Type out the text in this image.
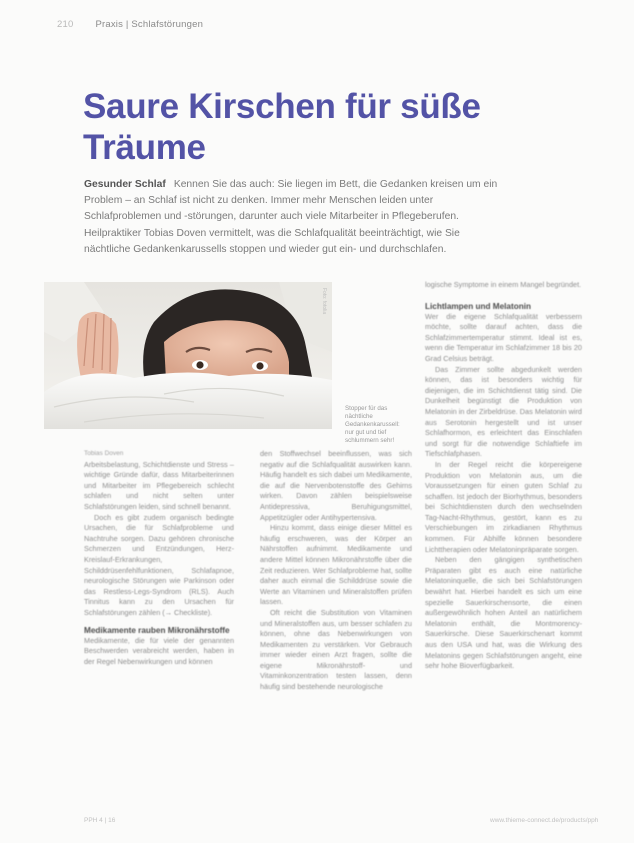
210 Praxis | Schlafstörungen
Saure Kirschen für süße Träume

Gesunder Schlaf Kennen Sie das auch: Sie liegen im Bett, die Gedanken kreisen um ein Problem – an Schlaf ist nicht zu denken. Immer mehr Menschen leiden unter Schlafproblemen und -störungen, darunter auch viele Mitarbeiter in Pflegeberufen. Heilpraktiker Tobias Doven vermittelt, was die Schlafqualität beeinträchtigt, wie Sie nächtliche Gedankenkarussells stoppen und wieder gut ein- und durchschlafen.

Foto: fotolia
Stopper für das nächtliche Gedankenkarussell: nur gut und tief schlummern sehr!

Tobias Doven

Arbeitsbelastung, Schichtdienste und Stress – wichtige Gründe dafür, dass Mitarbeiterinnen und Mitarbeiter im Pflegebereich schlecht schlafen und nicht selten unter Schlafstörungen leiden, sind schnell benannt.

Doch es gibt zudem organisch bedingte Ursachen, die für Schlafprobleme und Nachtruhe sorgen. Dazu gehören chronische Schmerzen und Entzündungen, Herz-Kreislauf-Erkrankungen, Schilddrüsenfehlfunktionen, Schlafapnoe, neurologische Störungen wie Parkinson oder das Restless-Legs-Syndrom (RLS). Auch Tinnitus kann zu den Ursachen für Schlafstörungen zählen (→ Checkliste).

Medikamente rauben Mikronährstoffe

Medikamente, die für viele der genannten Beschwerden verabreicht werden, haben in der Regel Nebenwirkungen und können

den Stoffwechsel beeinflussen, was sich negativ auf die Schlafqualität auswirken kann. Häufig handelt es sich dabei um Medikamente, die auf die Nervenbotenstoffe des Gehirns wirken. Davon zählen beispielsweise Antidepressiva, Beruhigungsmittel, Appetitzügler oder Antihypertensiva.

Hinzu kommt, dass einige dieser Mittel es häufig erschweren, was der Körper an Nährstoffen aufnimmt. Medikamente und andere Mittel können Mikronährstoffe über die Zeit reduzieren. Wer Schlafprobleme hat, sollte daher auch einmal die Schilddrüse sowie die Werte an Vitaminen und Mineralstoffen prüfen lassen.

Oft reicht die Substitution von Vitaminen und Mineralstoffen aus, um besser schlafen zu können, ohne das Nebenwirkungen von Medikamenten zu verstärken. Vor Gebrauch immer wieder einen Arzt fragen, sollte die eigene Mikronährstoff- und Vitaminkonzentration testen lassen, denn häufig sind bestehende neurologische

logische Symptome in einem Mangel begründet.

Lichtlampen und Melatonin

Wer die eigene Schlafqualität verbessern möchte, sollte darauf achten, dass die Schlafzimmertemperatur stimmt. Ideal ist es, wenn die Temperatur im Schlafzimmer 18 bis 20 Grad Celsius beträgt.

Das Zimmer sollte abgedunkelt werden können, das ist besonders wichtig für diejenigen, die im Schichtdienst tätig sind. Die Dunkelheit begünstigt die Produktion von Melatonin in der Zirbeldrüse. Das Melatonin wird aus Serotonin hergestellt und ist unser Schlafhormon, es erleichtert das Einschlafen und sorgt für die notwendige Schlaftiefe im Tiefschlafphasen.

In der Regel reicht die körpereigene Produktion von Melatonin aus, um die Voraussetzungen für einen guten Schlaf zu schaffen. Ist jedoch der Biorhythmus, besonders bei Schichtdiensten durch den wechselnden Tag-Nacht-Rhythmus, gestört, kann es zu Verschiebungen im zirkadianen Rhythmus kommen. Für Abhilfe können besondere Lichttherapien oder Melatoninpräparate sorgen.

Neben den gängigen synthetischen Präparaten gibt es auch eine natürliche Melatoninquelle, die sich bei Schlafstörungen bewährt hat. Hierbei handelt es sich um eine spezielle Sauerkirschensorte, die einen außergewöhnlich hohen Anteil an natürlichem Melatonin enthält, die Montmorency-Sauerkirsche. Diese Sauerkirschenart kommt aus den USA und hat, was die Wirkung des Melatonins gegen Schlafstörungen angeht, eine sehr hohe Bioverfügbarkeit.

PPH 4 | 16	www.thieme-connect.de/products/pph
